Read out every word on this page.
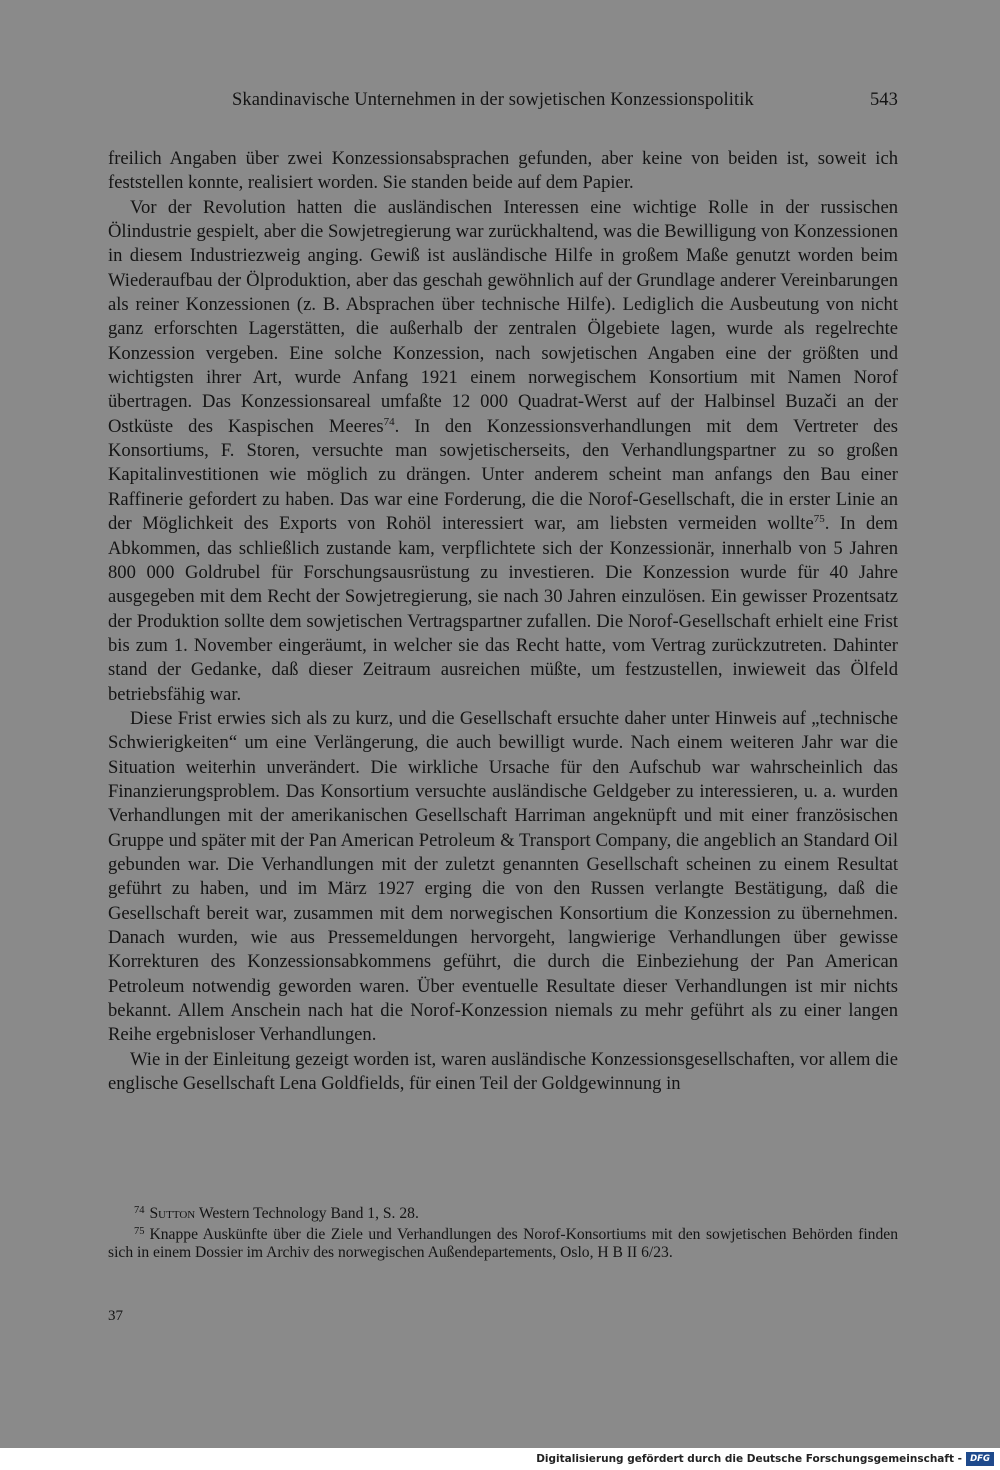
Skandinavische Unternehmen in der sowjetischen Konzessionspolitik	543

freilich Angaben über zwei Konzessionsabsprachen gefunden, aber keine von beiden ist, soweit ich feststellen konnte, realisiert worden. Sie standen beide auf dem Papier.

Vor der Revolution hatten die ausländischen Interessen eine wichtige Rolle in der russischen Ölindustrie gespielt, aber die Sowjetregierung war zurückhaltend, was die Bewilligung von Konzessionen in diesem Industriezweig anging. Gewiß ist ausländische Hilfe in großem Maße genutzt worden beim Wiederaufbau der Ölproduktion, aber das geschah gewöhnlich auf der Grundlage anderer Vereinbarungen als reiner Konzessionen (z. B. Absprachen über technische Hilfe). Lediglich die Ausbeutung von nicht ganz erforschten Lagerstätten, die außerhalb der zentralen Ölgebiete lagen, wurde als regelrechte Konzession vergeben. Eine solche Konzession, nach sowjetischen Angaben eine der größten und wichtigsten ihrer Art, wurde Anfang 1921 einem norwegischem Konsortium mit Namen Norof übertragen. Das Konzessionsareal umfaßte 12 000 Quadrat-Werst auf der Halbinsel Buzači an der Ostküste des Kaspischen Meeres$^{74}$. In den Konzessionsverhandlungen mit dem Vertreter des Konsortiums, F. Storen, versuchte man sowjetischerseits, den Verhandlungspartner zu so großen Kapitalinvestitionen wie möglich zu drängen. Unter anderem scheint man anfangs den Bau einer Raffinerie gefordert zu haben. Das war eine Forderung, die die Norof-Gesellschaft, die in erster Linie an der Möglichkeit des Exports von Rohöl interessiert war, am liebsten vermeiden wollte$^{75}$. In dem Abkommen, das schließlich zustande kam, verpflichtete sich der Konzessionär, innerhalb von 5 Jahren 800 000 Goldrubel für Forschungsausrüstung zu investieren. Die Konzession wurde für 40 Jahre ausgegeben mit dem Recht der Sowjetregierung, sie nach 30 Jahren einzulösen. Ein gewisser Prozentsatz der Produktion sollte dem sowjetischen Vertragspartner zufallen. Die Norof-Gesellschaft erhielt eine Frist bis zum 1. November eingeräumt, in welcher sie das Recht hatte, vom Vertrag zurückzutreten. Dahinter stand der Gedanke, daß dieser Zeitraum ausreichen müßte, um festzustellen, inwieweit das Ölfeld betriebsfähig war.

Diese Frist erwies sich als zu kurz, und die Gesellschaft ersuchte daher unter Hinweis auf „technische Schwierigkeiten“ um eine Verlängerung, die auch bewilligt wurde. Nach einem weiteren Jahr war die Situation weiterhin unverändert. Die wirkliche Ursache für den Aufschub war wahrscheinlich das Finanzierungsproblem. Das Konsortium versuchte ausländische Geldgeber zu interessieren, u. a. wurden Verhandlungen mit der amerikanischen Gesellschaft Harriman angeknüpft und mit einer französischen Gruppe und später mit der Pan American Petroleum & Transport Company, die angeblich an Standard Oil gebunden war. Die Verhandlungen mit der zuletzt genannten Gesellschaft scheinen zu einem Resultat geführt zu haben, und im März 1927 erging die von den Russen verlangte Bestätigung, daß die Gesellschaft bereit war, zusammen mit dem norwegischen Konsortium die Konzession zu übernehmen. Danach wurden, wie aus Pressemeldungen hervorgeht, langwierige Verhandlungen über gewisse Korrekturen des Konzessionsabkommens geführt, die durch die Einbeziehung der Pan American Petroleum notwendig geworden waren. Über eventuelle Resultate dieser Verhandlungen ist mir nichts bekannt. Allem Anschein nach hat die Norof-Konzession niemals zu mehr geführt als zu einer langen Reihe ergebnisloser Verhandlungen.

Wie in der Einleitung gezeigt worden ist, waren ausländische Konzessionsgesellschaften, vor allem die englische Gesellschaft Lena Goldfields, für einen Teil der Goldgewinnung in

$^{74}$ Sutton Western Technology Band 1, S. 28.

$^{75}$ Knappe Auskünfte über die Ziele und Verhandlungen des Norof-Konsortiums mit den sowjetischen Behörden finden sich in einem Dossier im Archiv des norwegischen Außendepartements, Oslo, H B II 6/23.

37
Digitalisierung gefördert durch die Deutsche Forschungsgemeinschaft - DFG
